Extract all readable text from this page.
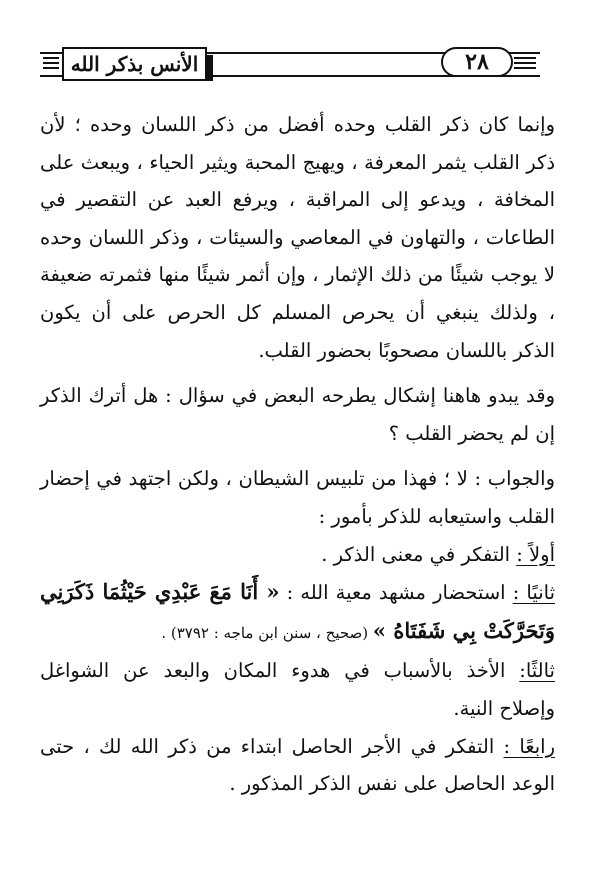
الأنس بذكر الله	٢٨

وإنما كان ذكر القلب وحده أفضل من ذكر اللسان وحده ؛ لأن ذكر القلب يثمر المعرفة ، ويهيج المحبة ويثير الحياء ، ويبعث على المخافة ، ويدعو إلى المراقبة ، ويرفع العبد عن التقصير في الطاعات ، والتهاون في المعاصي والسيئات ، وذكر اللسان وحده لا يوجب شيئًا من ذلك الإثمار ، وإن أثمر شيئًا منها فثمرته ضعيفة ، ولذلك ينبغي أن يحرص المسلم كل الحرص على أن يكون الذكر باللسان مصحوبًا بحضور القلب.

وقد يبدو هاهنا إشكال يطرحه البعض في سؤال : هل أترك الذكر إن لم يحضر القلب ؟

والجواب : لا ؛ فهذا من تلبيس الشيطان ، ولكن اجتهد في إحضار القلب واستيعابه للذكر بأمور :

أولاً : التفكر في معنى الذكر .

ثانيًا : استحضار مشهد معية الله : « أَنَا مَعَ عَبْدِي حَيْثُمَا ذَكَرَنِي وَتَحَرَّكَتْ بِي شَفَتَاهُ » (صحيح ، سنن ابن ماجه : ٣٧٩٢) .

ثالثًا: الأخذ بالأسباب في هدوء المكان والبعد عن الشواغل وإصلاح النية.

رابعًا : التفكر في الأجر الحاصل ابتداء من ذكر الله لك ، حتى الوعد الحاصل على نفس الذكر المذكور .
